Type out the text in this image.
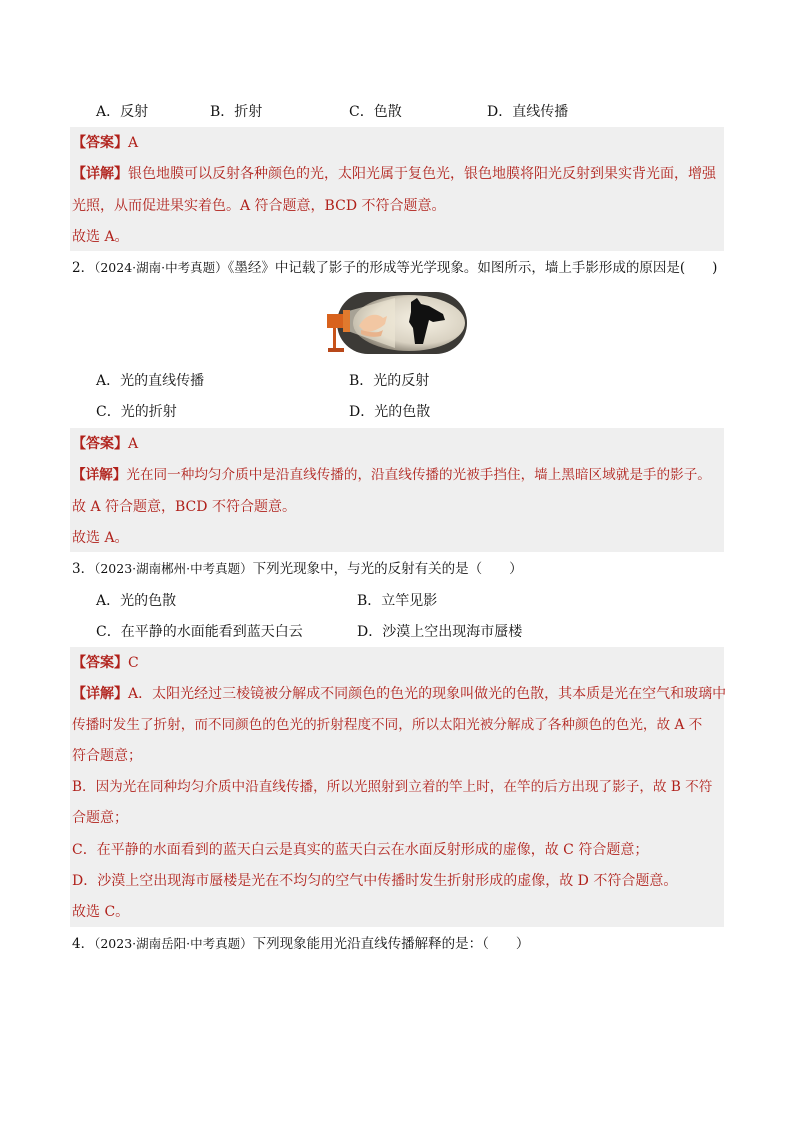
A．反射	B．折射	C．色散	D．直线传播
【答案】A
【详解】银色地膜可以反射各种颜色的光，太阳光属于复色光，银色地膜将阳光反射到果实背光面，增强
光照，从而促进果实着色。A 符合题意，BCD 不符合题意。
故选 A。
2．（2024·湖南·中考真题）《墨经》中记载了影子的形成等光学现象。如图所示，墙上手影形成的原因是(　　)
A．光的直线传播	B．光的反射
C．光的折射	D．光的色散
【答案】A
【详解】光在同一种均匀介质中是沿直线传播的，沿直线传播的光被手挡住，墙上黑暗区域就是手的影子。
故 A 符合题意，BCD 不符合题意。
故选 A。
3．（2023·湖南郴州·中考真题）下列光现象中，与光的反射有关的是（　　）
A．光的色散	B．立竿见影
C．在平静的水面能看到蓝天白云	D．沙漠上空出现海市蜃楼
【答案】C
【详解】A．太阳光经过三棱镜被分解成不同颜色的色光的现象叫做光的色散，其本质是光在空气和玻璃中
传播时发生了折射，而不同颜色的色光的折射程度不同，所以太阳光被分解成了各种颜色的色光，故 A 不
符合题意；
B．因为光在同种均匀介质中沿直线传播，所以光照射到立着的竿上时，在竿的后方出现了影子，故 B 不符
合题意；
C．在平静的水面看到的蓝天白云是真实的蓝天白云在水面反射形成的虚像，故 C 符合题意；
D．沙漠上空出现海市蜃楼是光在不均匀的空气中传播时发生折射形成的虚像，故 D 不符合题意。
故选 C。
4．（2023·湖南岳阳·中考真题）下列现象能用光沿直线传播解释的是：（　　）
